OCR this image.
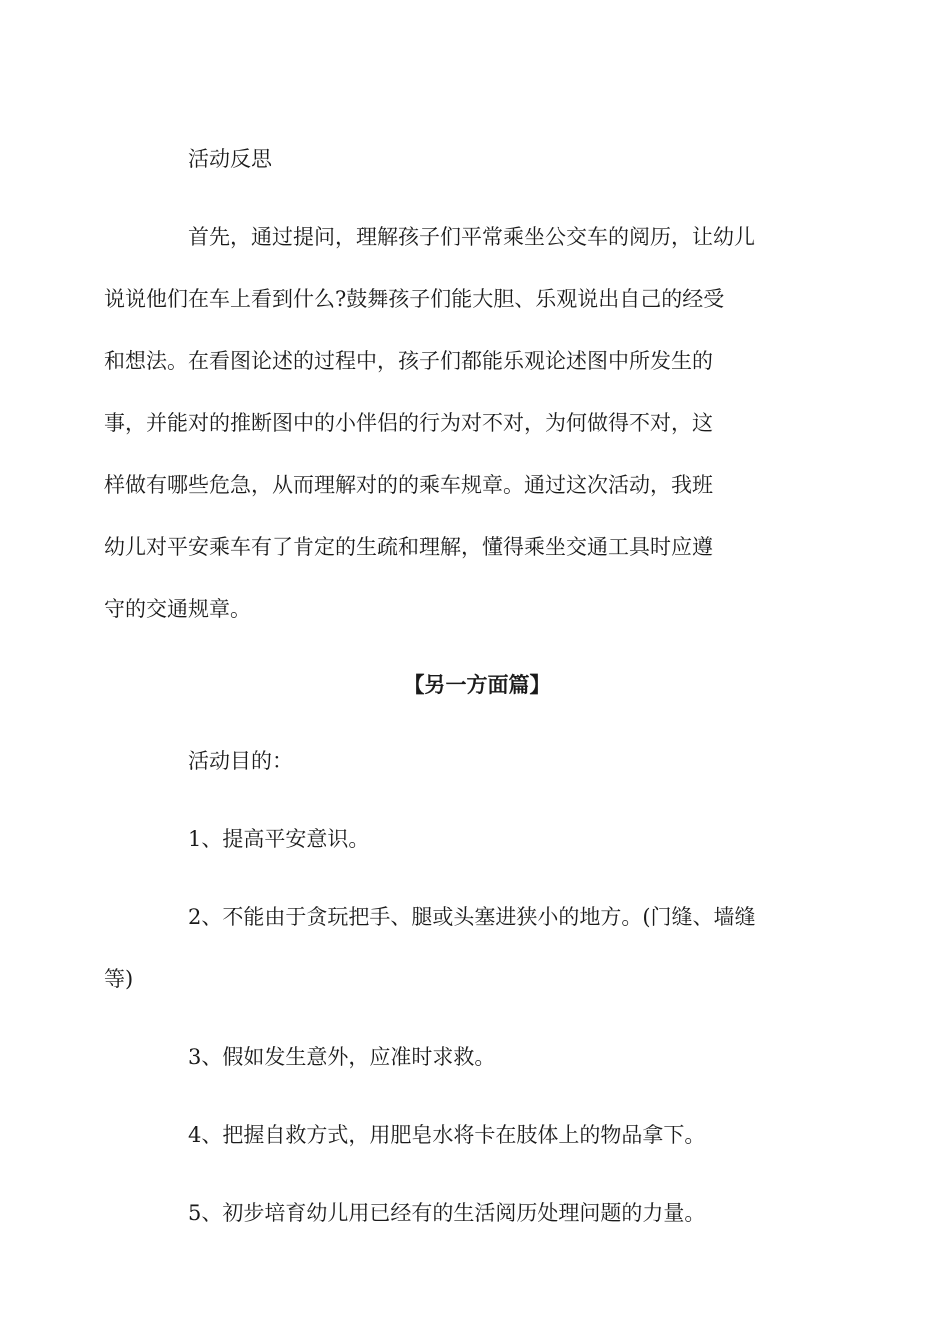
活动反思

首先，通过提问，理解孩子们平常乘坐公交车的阅历，让幼儿
说说他们在车上看到什么?鼓舞孩子们能大胆、乐观说出自己的经受
和想法。在看图论述的过程中，孩子们都能乐观论述图中所发生的
事，并能对的推断图中的小伴侣的行为对不对，为何做得不对，这
样做有哪些危急，从而理解对的的乘车规章。通过这次活动，我班
幼儿对平安乘车有了肯定的生疏和理解，懂得乘坐交通工具时应遵
守的交通规章。

【另一方面篇】

活动目的：

1、提高平安意识。

2、不能由于贪玩把手、腿或头塞进狭小的地方。(门缝、墙缝
等)

3、假如发生意外，应准时求救。

4、把握自救方式，用肥皂水将卡在肢体上的物品拿下。

5、初步培育幼儿用已经有的生活阅历处理问题的力量。
